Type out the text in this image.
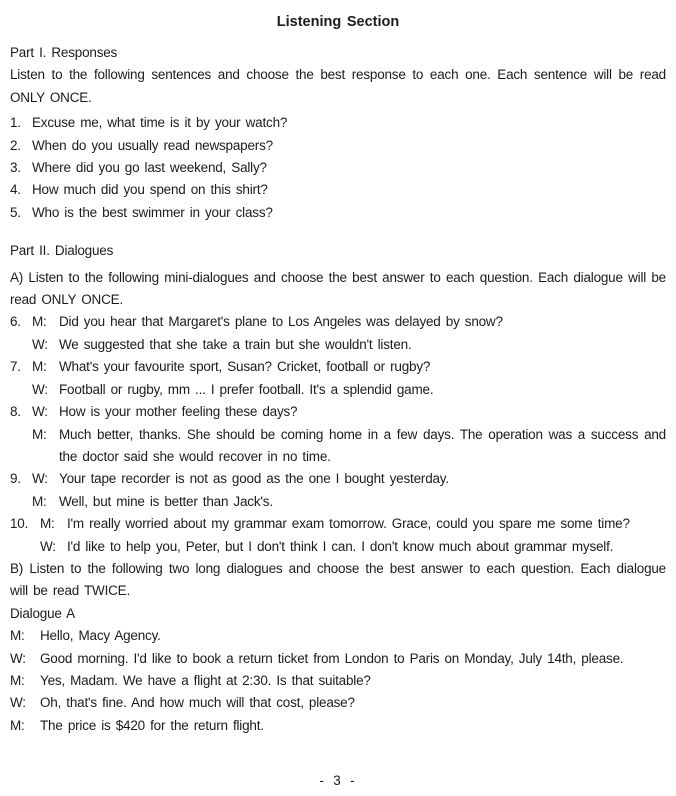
Listening Section
Part I. Responses

Listen to the following sentences and choose the best response to each one. Each sentence will be read ONLY ONCE.

1. Excuse me, what time is it by your watch?
2. When do you usually read newspapers?
3. Where did you go last weekend, Sally?
4. How much did you spend on this shirt?
5. Who is the best swimmer in your class?
Part II. Dialogues

A) Listen to the following mini-dialogues and choose the best answer to each question. Each dialogue will be read ONLY ONCE.

6. M: Did you hear that Margaret's plane to Los Angeles was delayed by snow?
W: We suggested that she take a train but she wouldn't listen.
7. M: What's your favourite sport, Susan? Cricket, football or rugby?
W: Football or rugby, mm ... I prefer football. It's a splendid game.
8. W: How is your mother feeling these days?
M: Much better, thanks. She should be coming home in a few days. The operation was a success and the doctor said she would recover in no time.
9. W: Your tape recorder is not as good as the one I bought yesterday.
M: Well, but mine is better than Jack's.
10. M: I'm really worried about my grammar exam tomorrow. Grace, could you spare me some time?
W: I'd like to help you, Peter, but I don't think I can. I don't know much about grammar myself.

B) Listen to the following two long dialogues and choose the best answer to each question. Each dialogue will be read TWICE.

Dialogue A
M:	Hello, Macy Agency.
W:	Good morning. I'd like to book a return ticket from London to Paris on Monday, July 14th, please.
M:	Yes, Madam. We have a flight at 2:30. Is that suitable?
W:	Oh, that's fine. And how much will that cost, please?
M:	The price is $420 for the return flight.
- 3 -
